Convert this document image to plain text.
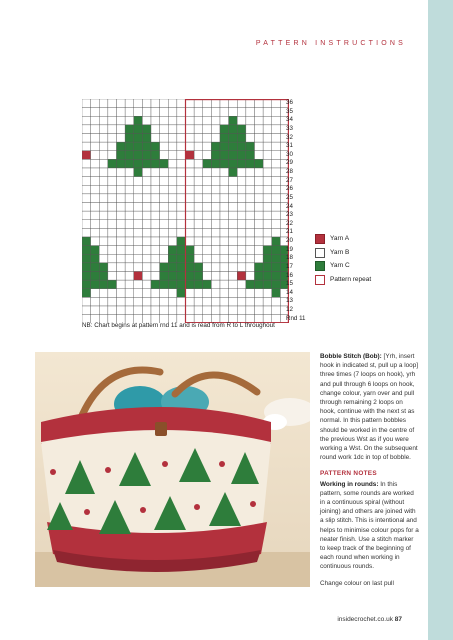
PATTERN INSTRUCTIONS
36
35
34
33
32
31
30
29
28
27
26
25
24
23
22
21
20
19
18
17
16
15
14
13
12
Rnd 11
NB: Chart begins at pattern rnd 11 and is read from R to L throughout
Yarn A
Yarn B
Yarn C
Pattern repeat

Bobble Stitch (Bob): [Yrh, insert hook in indicated st, pull up a loop] three times (7 loops on hook), yrh and pull through 6 loops on hook, change colour, yarn over and pull through remaining 2 loops on hook, continue with the next st as normal. In this pattern bobbles should be worked in the centre of the previous Wst as if you were working a Wst. On the subsequent round work 1dc in top of bobble.

PATTERN NOTES

Working in rounds: In this pattern, some rounds are worked in a continuous spiral (without joining) and others are joined with a slip stitch. This is intentional and helps to minimise colour pops for a neater finish. Use a stitch marker to keep track of the beginning of each round when working in continuous rounds.

Change colour on last pull

insidecrochet.co.uk 87
